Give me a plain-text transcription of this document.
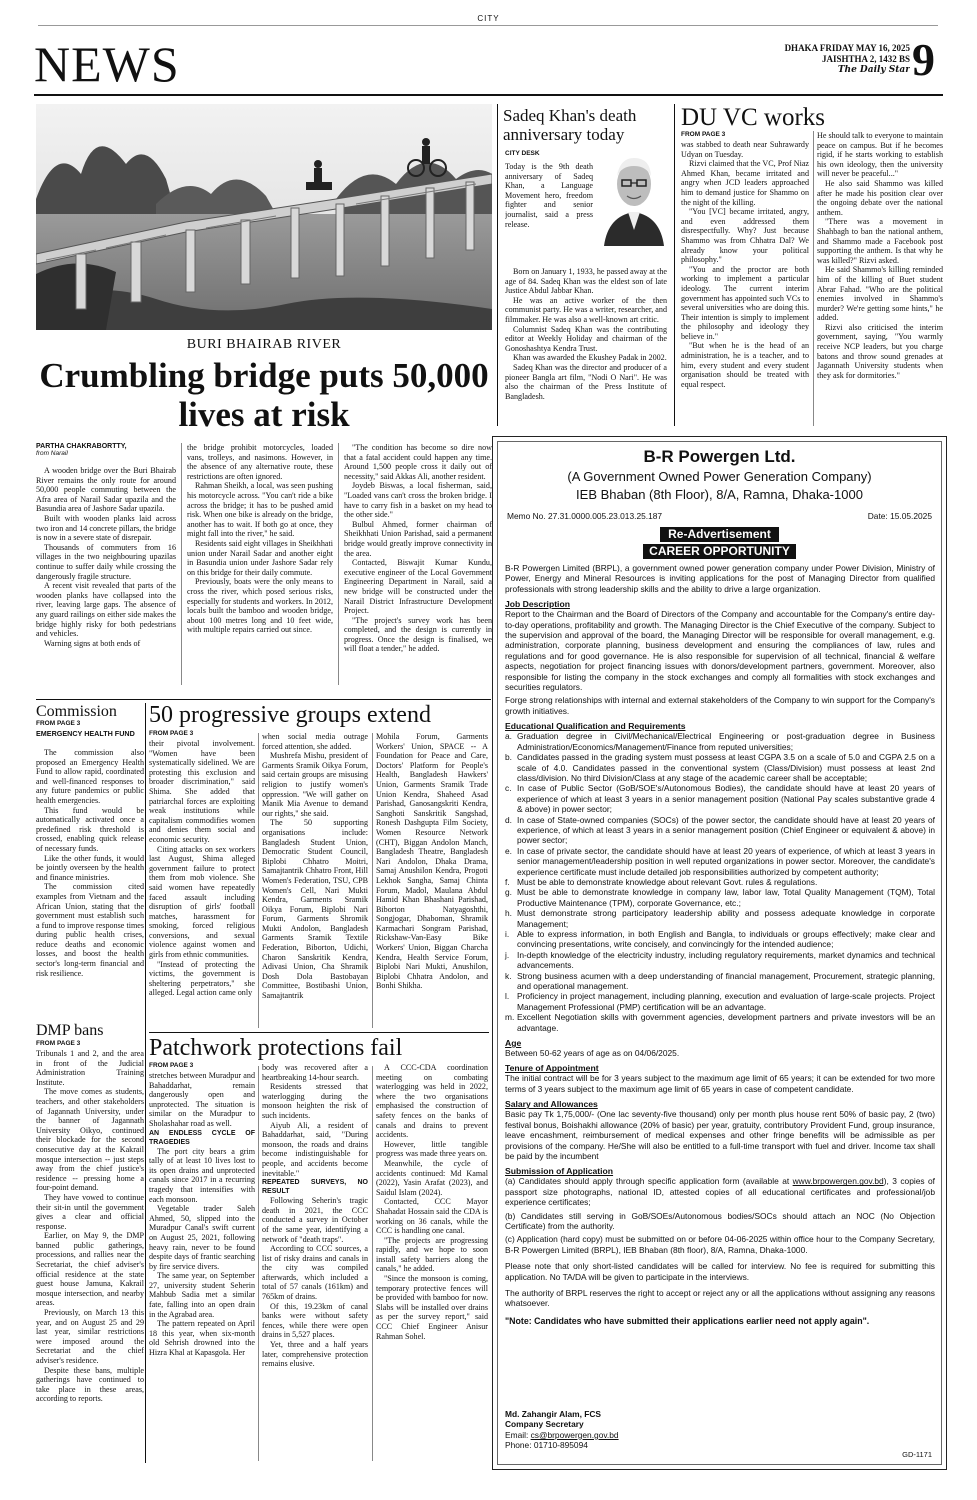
CITY
NEWS	DHAKA FRIDAY MAY 16, 2025
JAISHTHA 2, 1432 BS
The Daily Star 9
BURI BHAIRAB RIVER
Crumbling bridge puts 50,000 lives at risk
PARTHA CHAKRABORTTY,
from Narail

A wooden bridge over the Buri Bhairab River remains the only route for around 50,000 people commuting between the Afra area of Narail Sadar upazila and the Basundia area of Jashore Sadar upazila.

Built with wooden planks laid across two iron and 14 concrete pillars, the bridge is now in a severe state of disrepair.

Thousands of commuters from 16 villages in the two neighbouring upazilas continue to suffer daily while crossing the dangerously fragile structure.

A recent visit revealed that parts of the wooden planks have collapsed into the river, leaving large gaps. The absence of any guard railings on either side makes the bridge highly risky for both pedestrians and vehicles.

Warning signs at both ends of

the bridge prohibit motorcycles, loaded vans, trolleys, and nasimons. However, in the absence of any alternative route, these restrictions are often ignored.

Rahman Sheikh, a local, was seen pushing his motorcycle across. "You can't ride a bike across the bridge; it has to be pushed amid risk. When one bike is already on the bridge, another has to wait. If both go at once, they might fall into the river," he said.

Residents said eight villages in Sheikhhati union under Narail Sadar and another eight in Basundia union under Jashore Sadar rely on this bridge for their daily commute.

Previously, boats were the only means to cross the river, which posed serious risks, especially for students and workers. In 2012, locals built the bamboo and wooden bridge, about 100 metres long and 10 feet wide, with multiple repairs carried out since.

"The condition has become so dire now that a fatal accident could happen any time. Around 1,500 people cross it daily out of necessity," said Akkas Ali, another resident.

Joydeb Biswas, a local fisherman, said, "Loaded vans can't cross the broken bridge. I have to carry fish in a basket on my head to the other side."

Bulbul Ahmed, former chairman of Sheikhhati Union Parishad, said a permanent bridge would greatly improve connectivity in the area.

Contacted, Biswajit Kumar Kundu, executive engineer of the Local Government Engineering Department in Narail, said a new bridge will be constructed under the Narail District Infrastructure Development Project.

"The project's survey work has been completed, and the design is currently in progress. Once the design is finalised, we will float a tender," he added.

Sadeq Khan's death anniversary today
CITY DESK
Today is the 9th death anniversary of Sadeq Khan, a Language Movement hero, freedom fighter and senior journalist, said a press release.

Born on January 1, 1933, he passed away at the age of 84. Sadeq Khan was the eldest son of late Justice Abdul Jabbar Khan.

He was an active worker of the then communist party. He was a writer, researcher, and filmmaker. He was also a well-known art critic.

Columnist Sadeq Khan was the contributing editor at Weekly Holiday and chairman of the Gonoshashtya Kendra Trust.

Khan was awarded the Ekushey Padak in 2002.

Sadeq Khan was the director and producer of a pioneer Bangla art film, "Nodi O Nari". He was also the chairman of the Press Institute of Bangladesh.

DU VC works
FROM PAGE 3

was stabbed to death near Suhrawardy Udyan on Tuesday.

Rizvi claimed that the VC, Prof Niaz Ahmed Khan, became irritated and angry when JCD leaders approached him to demand justice for Shammo on the night of the killing.

"You [VC] became irritated, angry, and even addressed them disrespectfully. Why? Just because Shammo was from Chhatra Dal? We already know your political philosophy."

"You and the proctor are both working to implement a particular ideology. The current interim government has appointed such VCs to several universities who are doing this. Their intention is simply to implement the philosophy and ideology they believe in."

"But when he is the head of an administration, he is a teacher, and to him, every student and every student organisation should be treated with equal respect.

He should talk to everyone to maintain peace on campus. But if he becomes rigid, if he starts working to establish his own ideology, then the university will never be peaceful..."

He also said Shammo was killed after he made his position clear over the ongoing debate over the national anthem.

"There was a movement in Shahbagh to ban the national anthem, and Shammo made a Facebook post supporting the anthem. Is that why he was killed?" Rizvi asked.

He said Shammo's killing reminded him of the killing of Buet student Abrar Fahad. "Who are the political enemies involved in Shammo's murder? We're getting some hints," he added.

Rizvi also criticised the interim government, saying, "You warmly receive NCP leaders, but you charge batons and throw sound grenades at Jagannath University students when they ask for dormitories."

Commission
FROM PAGE 3
EMERGENCY HEALTH FUND

The commission also proposed an Emergency Health Fund to allow rapid, coordinated and well-financed responses to any future pandemics or public health emergencies.

This fund would be automatically activated once a predefined risk threshold is crossed, enabling quick release of necessary funds.

Like the other funds, it would be jointly overseen by the health and finance ministries.

The commission cited examples from Vietnam and the African Union, stating that the government must establish such a fund to improve response times during public health crises, reduce deaths and economic losses, and boost the health sector's long-term financial and risk resilience.

DMP bans
FROM PAGE 3

Tribunals 1 and 2, and the area in front of the Judicial Administration Training Institute.

The move comes as students, teachers, and other stakeholders of Jagannath University, under the banner of Jagannath University Oikyo, continued their blockade for the second consecutive day at the Kakrail mosque intersection -- just steps away from the chief justice's residence -- pressing home a four-point demand.

They have vowed to continue their sit-in until the government gives a clear and official response.

Earlier, on May 9, the DMP banned public gatherings, processions, and rallies near the Secretariat, the chief adviser's official residence at the state guest house Jamuna, Kakrail mosque intersection, and nearby areas.

Previously, on March 13 this year, and on August 25 and 29 last year, similar restrictions were imposed around the Secretariat and the chief adviser's residence.

Despite these bans, multiple gatherings have continued to take place in these areas, according to reports.

50 progressive groups extend
FROM PAGE 3

their pivotal involvement. "Women have been systematically sidelined. We are protesting this exclusion and broader discrimination," said Shima. She added that patriarchal forces are exploiting weak institutions while capitalism commodifies women and denies them social and economic security.

Citing attacks on sex workers last August, Shima alleged government failure to protect them from mob violence. She said women have repeatedly faced assault including disruption of girls' football matches, harassment for smoking, forced religious conversions, and sexual violence against women and girls from ethnic communities.

"Instead of protecting the victims, the government is sheltering perpetrators," she alleged. Legal action came only

when social media outrage forced attention, she added.

Mushrefa Mishu, president of Garments Sramik Oikya Forum, said certain groups are misusing religion to justify women's oppression. "We will gather on Manik Mia Avenue to demand our rights," she said.

The 50 supporting organisations include: Bangladesh Student Union, Democratic Student Council, Biplobi Chhatro Moitri, Samajtantrik Chhatro Front, Hill Women's Federation, TSU, CPB Women's Cell, Nari Mukti Kendra, Garments Sramik Oikya Forum, Biplobi Nari Forum, Garments Shromik Mukti Andolon, Bangladesh Garments Sramik Textile Federation, Biborton, Udichi, Charon Sanskritik Kendra, Adivasi Union, Cha Shramik Dosh Dola Bastobayan Committee, Bostibashi Union, Samajtantrik

Mohila Forum, Garments Workers' Union, SPACE -- A Foundation for Peace and Care, Doctors' Platform for People's Health, Bangladesh Hawkers' Union, Garments Sramik Trade Union Kendra, Shaheed Asad Parishad, Ganosangskriti Kendra, Sanghoti Sanskritik Sangshad, Ronesh Dashgupta Film Society, Women Resource Network (CHT), Biggan Andolon Manch, Bangladesh Theatre, Bangladesh Nari Andolon, Dhaka Drama, Samaj Anushilon Kendra, Progoti Lekhok Sangha, Samaj Chinta Forum, Madol, Maulana Abdul Hamid Khan Bhashani Parishad, Biborton Natyagoshthi, Songjogar, Dhaboman, Shramik Karmachari Songram Parishad, Rickshaw-Van-Easy Bike Workers' Union, Biggan Charcha Kendra, Health Service Forum, Biplobi Nari Mukti, Anushilon, Biplobi Chhatra Andolon, and Bonhi Shikha.

Patchwork protections fail
FROM PAGE 3

stretches between Muradpur and Bahaddarhat, remain dangerously open and unprotected. The situation is similar on the Muradpur to Sholashahar road as well.

AN ENDLESS CYCLE OF TRAGEDIES

The port city bears a grim tally of at least 10 lives lost to its open drains and unprotected canals since 2017 in a recurring tragedy that intensifies with each monsoon.

Vegetable trader Saleh Ahmed, 50, slipped into the Muradpur Canal's swift current on August 25, 2021, following heavy rain, never to be found despite days of frantic searching by fire service divers.

The same year, on September 27, university student Seherin Mahbub Sadia met a similar fate, falling into an open drain in the Agrabad area.

The pattern repeated on April 18 this year, when six-month old Sehrish drowned into the Hizra Khal at Kapasgola. Her

body was recovered after a heartbreaking 14-hour search.

Residents stressed that waterlogging during the monsoon heighten the risk of such incidents.

Aiyub Ali, a resident of Bahaddarhat, said, "During monsoon, the roads and drains become indistinguishable for people, and accidents become inevitable."

REPEATED SURVEYS, NO RESULT

Following Seherin's tragic death in 2021, the CCC conducted a survey in October of the same year, identifying a network of "death traps".

According to CCC sources, a list of risky drains and canals in the city was compiled afterwards, which included a total of 57 canals (161km) and 765km of drains.

Of this, 19.23km of canal banks were without safety fences, while there were open drains in 5,527 places.

Yet, three and a half years later, comprehensive protection remains elusive.

A CCC-CDA coordination meeting on combating waterlogging was held in 2022, where the two organisations emphasised the construction of safety fences on the banks of canals and drains to prevent accidents.

However, little tangible progress was made three years on.

Meanwhile, the cycle of accidents continued: Md Kamal (2022), Yasin Arafat (2023), and Saidul Islam (2024).

Contacted, CCC Mayor Shahadat Hossain said the CDA is working on 36 canals, while the CCC is handling one canal.

"The projects are progressing rapidly, and we hope to soon install safety barriers along the canals," he added.

"Since the monsoon is coming, temporary protective fences will be provided with bamboo for now. Slabs will be installed over drains as per the survey report," said CCC Chief Engineer Anisur Rahman Sohel.

B-R Powergen Ltd.
(A Government Owned Power Generation Company)
IEB Bhaban (8th Floor), 8/A, Ramna, Dhaka-1000
Memo No. 27.31.0000.005.23.013.25.187	Date: 15.05.2025
Re-Advertisement
CAREER OPPORTUNITY
B-R Powergen Limited (BRPL), a government owned power generation company under Power Division, Ministry of Power, Energy and Mineral Resources is inviting applications for the post of Managing Director from qualified professionals with strong leadership skills and the ability to drive a large organization.
Job Description
Report to the Chairman and the Board of Directors of the Company and accountable for the Company's entire day-to-day operations, profitability and growth. The Managing Director is the Chief Executive of the company. Subject to the supervision and approval of the board, the Managing Director will be responsible for overall management, e.g. administration, corporate planning, business development and ensuring the compliances of law, rules and regulations and for good governance. He is also responsible for supervision of all technical, financial & welfare aspects, negotiation for project financing issues with donors/development partners, government. Moreover, also responsible for listing the company in the stock exchanges and comply all formalities with stock exchanges and securities regulators.
Forge strong relationships with internal and external stakeholders of the Company to win support for the Company's growth initiatives.
Educational Qualification and Requirements
a. Graduation degree in Civil/Mechanical/Electrical Engineering or post-graduation degree in Business Administration/Economics/Management/Finance from reputed universities;
b. Candidates passed in the grading system must possess at least CGPA 3.5 on a scale of 5.0 and CGPA 2.5 on a scale of 4.0. Candidates passed in the conventional system (Class/Division) must possess at least 2nd class/division. No third Division/Class at any stage of the academic career shall be acceptable;
c. In case of Public Sector (GoB/SOE's/Autonomous Bodies), the candidate should have at least 20 years of experience of which at least 3 years in a senior management position (National Pay scales substantive grade 4 & above) in power sector;
d. In case of State-owned companies (SOCs) of the power sector, the candidate should have at least 20 years of experience, of which at least 3 years in a senior management position (Chief Engineer or equivalent & above) in power sector;
e. In case of private sector, the candidate should have at least 20 years of experience, of which at least 3 years in senior management/leadership position in well reputed organizations in power sector. Moreover, the candidate's experience certificate must include detailed job responsibilities authorized by competent authority;
f. Must be able to demonstrate knowledge about relevant Govt. rules & regulations.
g. Must be able to demonstrate knowledge in company law, labor law, Total Quality Management (TQM), Total Productive Maintenance (TPM), corporate Governance, etc.;
h. Must demonstrate strong participatory leadership ability and possess adequate knowledge in corporate Management;
i. Able to express information, in both English and Bangla, to individuals or groups effectively; make clear and convincing presentations, write concisely, and convincingly for the intended audience;
j. In-depth knowledge of the electricity industry, including regulatory requirements, market dynamics and technical advancements.
k. Strong business acumen with a deep understanding of financial management, Procurement, strategic planning, and operational management.
l. Proficiency in project management, including planning, execution and evaluation of large-scale projects. Project Management Professional (PMP) certification will be an advantage.
m. Excellent Negotiation skills with government agencies, development partners and private investors will be an advantage.
Age
Between 50-62 years of age as on 04/06/2025.
Tenure of Appointment
The initial contract will be for 3 years subject to the maximum age limit of 65 years; it can be extended for two more terms of 3 years subject to the maximum age limit of 65 years in case of competent candidate.
Salary and Allowances
Basic pay Tk 1,75,000/- (One lac seventy-five thousand) only per month plus house rent 50% of basic pay, 2 (two) festival bonus, Boishakhi allowance (20% of basic) per year, gratuity, contributory Provident Fund, group insurance, leave encashment, reimbursement of medical expenses and other fringe benefits will be admissible as per provisions of the company. He/She will also be entitled to a full-time transport with fuel and driver. Income tax shall be paid by the incumbent
Submission of Application
(a) Candidates should apply through specific application form (available at www.brpowergen.gov.bd), 3 copies of passport size photographs, national ID, attested copies of all educational certificates and professional/job experience certificates;
(b) Candidates still serving in GoB/SOEs/Autonomous bodies/SOCs should attach an NOC (No Objection Certificate) from the authority.
(c) Application (hard copy) must be submitted on or before 04-06-2025 within office hour to the Company Secretary, B-R Powergen Limited (BRPL), IEB Bhaban (8th floor), 8/A, Ramna, Dhaka-1000.
Please note that only short-listed candidates will be called for interview. No fee is required for submitting this application. No TA/DA will be given to participate in the interviews.
The authority of BRPL reserves the right to accept or reject any or all the applications without assigning any reasons whatsoever.
"Note: Candidates who have submitted their applications earlier need not apply again".
Md. Zahangir Alam, FCS
Company Secretary
Email: cs@brpowergen.gov.bd
Phone: 01710-895094
GD-1171
